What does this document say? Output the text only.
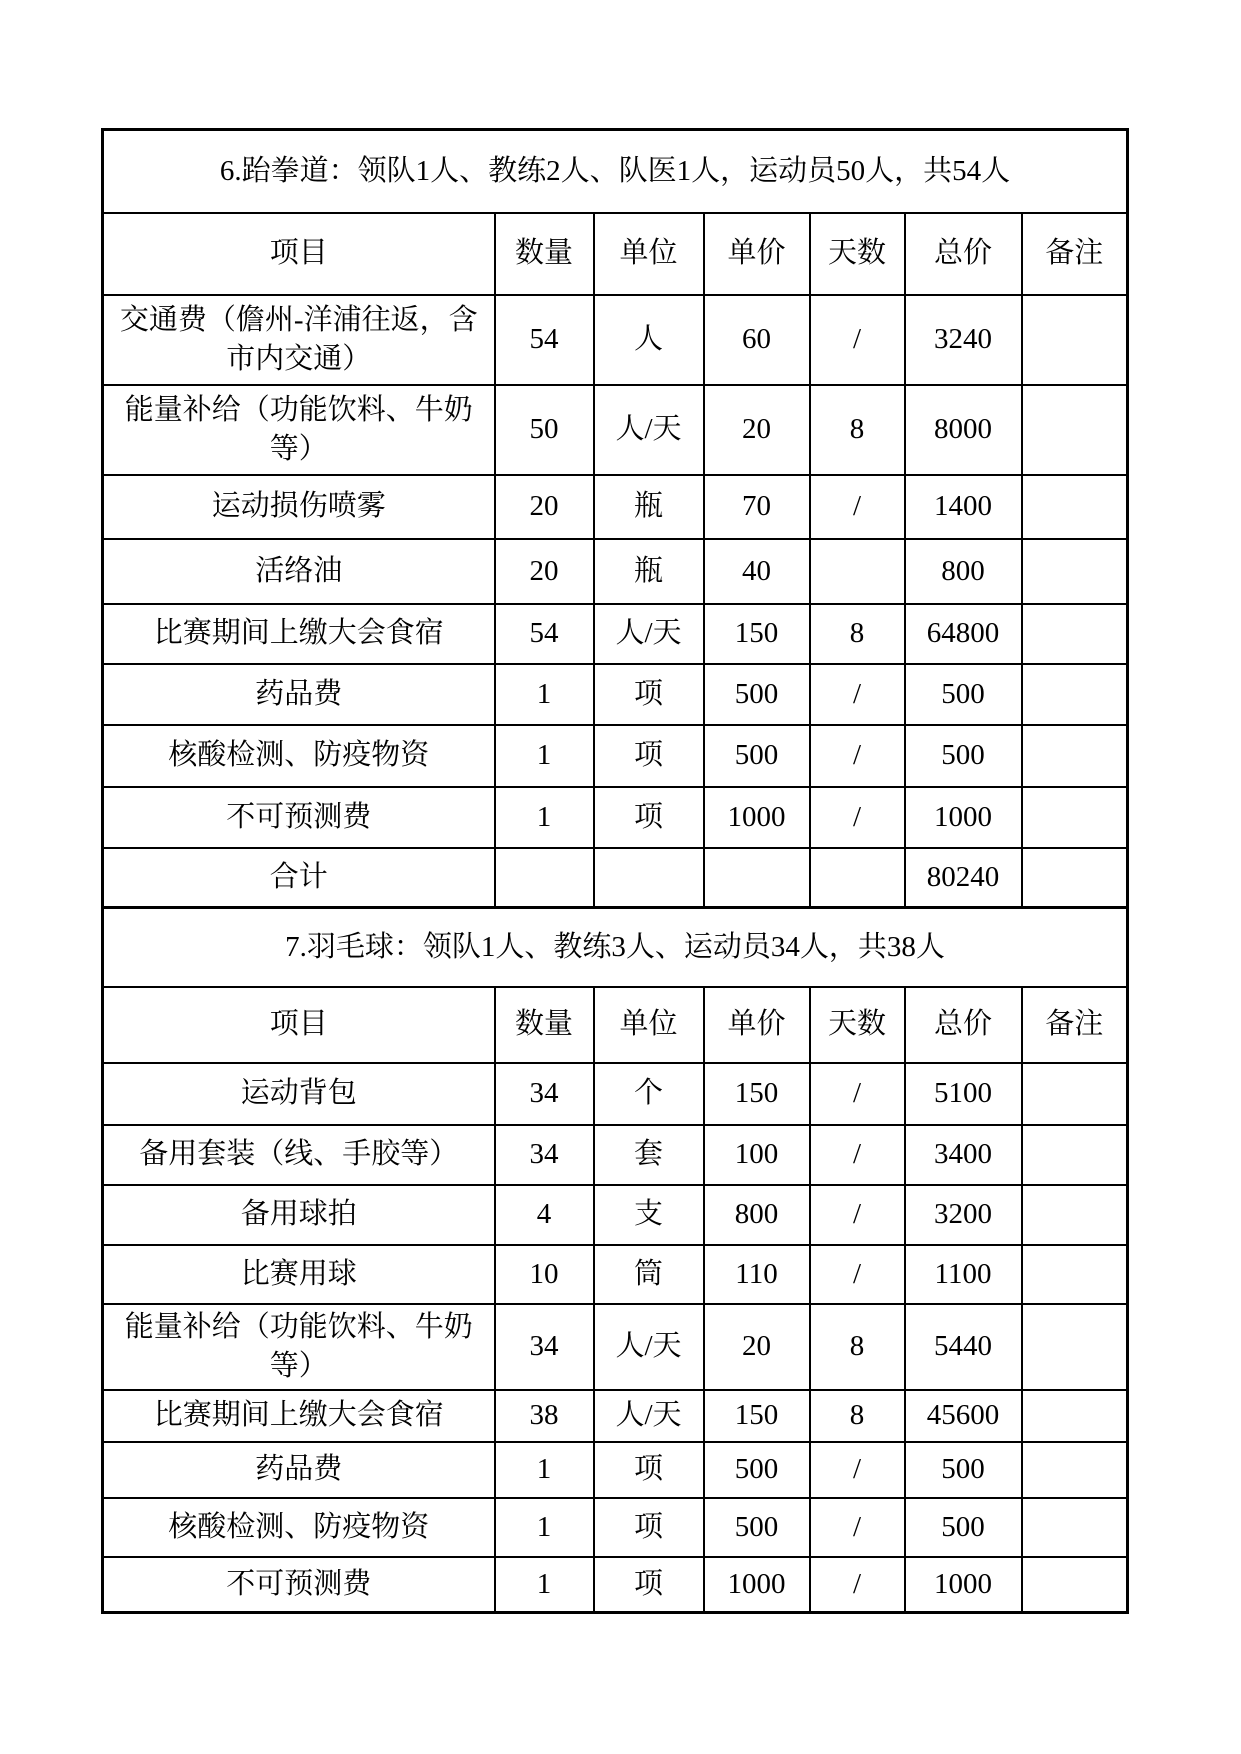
6.跆拳道：领队1人、教练2人、队医1人，运动员50人，共54人						
项目	数量	单位	单价	天数	总价	备注
交通费（儋州-洋浦往返，含市内交通）	54	人	60	/	3240	
能量补给（功能饮料、牛奶等）	50	人/天	20	8	8000	
运动损伤喷雾	20	瓶	70	/	1400	
活络油	20	瓶	40		800	
比赛期间上缴大会食宿	54	人/天	150	8	64800	
药品费	1	项	500	/	500	
核酸检测、防疫物资	1	项	500	/	500	
不可预测费	1	项	1000	/	1000	
合计					80240	
7.羽毛球：领队1人、教练3人、运动员34人，共38人						
项目	数量	单位	单价	天数	总价	备注
运动背包	34	个	150	/	5100	
备用套装（线、手胶等）	34	套	100	/	3400	
备用球拍	4	支	800	/	3200	
比赛用球	10	筒	110	/	1100	
能量补给（功能饮料、牛奶等）	34	人/天	20	8	5440	
比赛期间上缴大会食宿	38	人/天	150	8	45600	
药品费	1	项	500	/	500	
核酸检测、防疫物资	1	项	500	/	500	
不可预测费	1	项	1000	/	1000	
